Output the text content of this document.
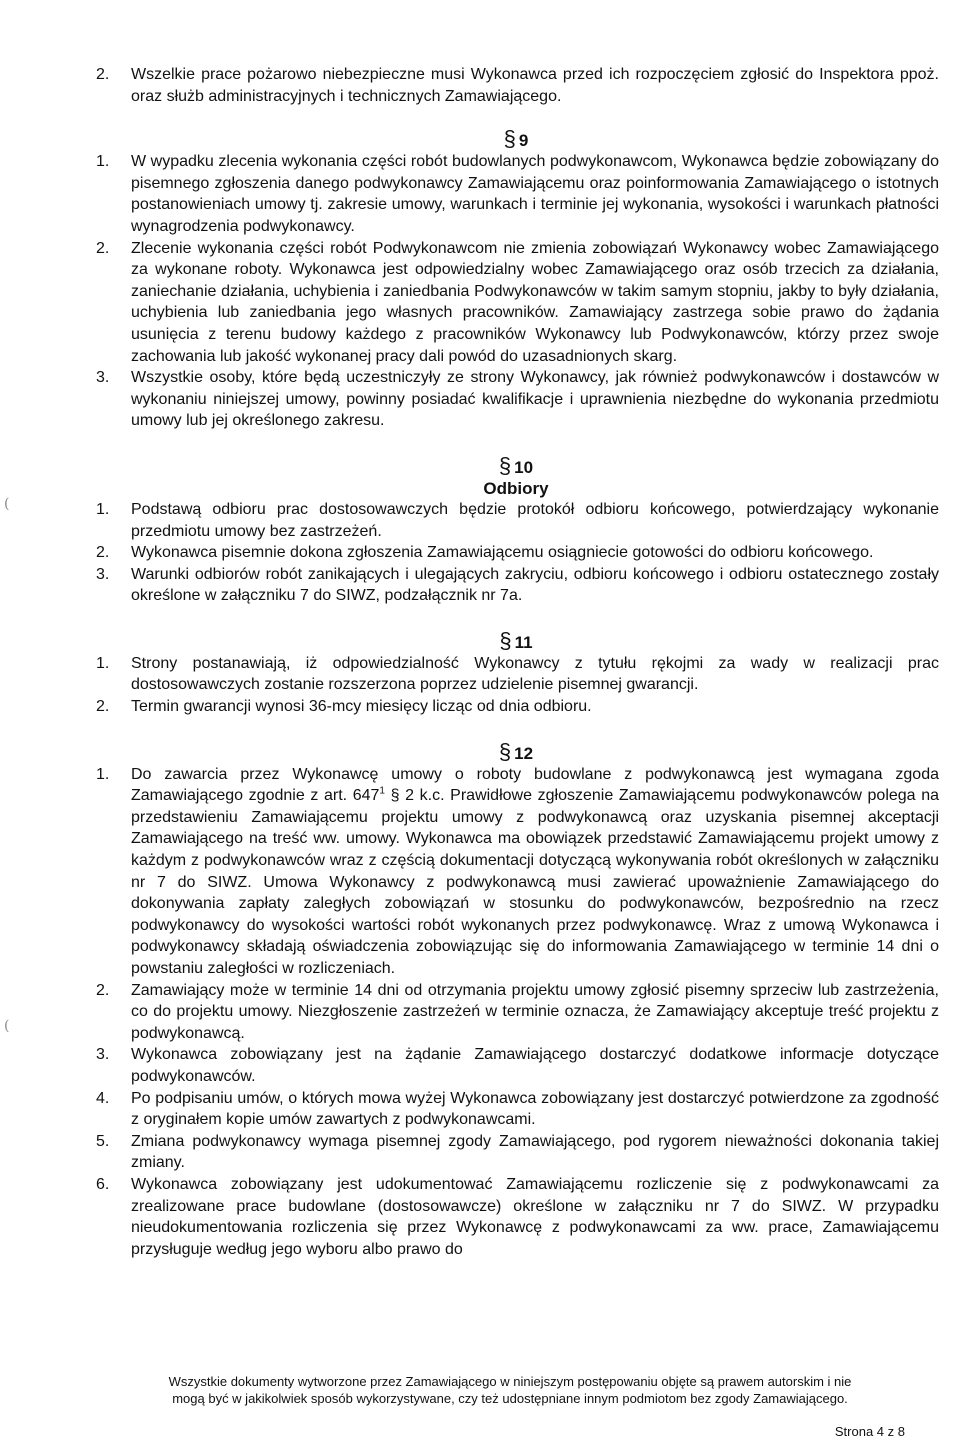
(
(
2. Wszelkie prace pożarowo niebezpieczne musi Wykonawca przed ich rozpoczęciem zgłosić do Inspektora ppoż. oraz służb administracyjnych i technicznych Zamawiającego.
§ 9
1. W wypadku zlecenia wykonania części robót budowlanych podwykonawcom, Wykonawca będzie zobowiązany do pisemnego zgłoszenia danego podwykonawcy Zamawiającemu oraz poinformowania Zamawiającego o istotnych postanowieniach umowy tj. zakresie umowy, warunkach i terminie jej wykonania, wysokości i warunkach płatności wynagrodzenia podwykonawcy.
2. Zlecenie wykonania części robót Podwykonawcom nie zmienia zobowiązań Wykonawcy wobec Zamawiającego za wykonane roboty. Wykonawca jest odpowiedzialny wobec Zamawiającego oraz osób trzecich za działania, zaniechanie działania, uchybienia i zaniedbania Podwykonawców w takim samym stopniu, jakby to były działania, uchybienia lub zaniedbania jego własnych pracowników. Zamawiający zastrzega sobie prawo do żądania usunięcia z terenu budowy każdego z pracowników Wykonawcy lub Podwykonawców, którzy przez swoje zachowania lub jakość wykonanej pracy dali powód do uzasadnionych skarg.
3. Wszystkie osoby, które będą uczestniczyły ze strony Wykonawcy, jak również podwykonawców i dostawców w wykonaniu niniejszej umowy, powinny posiadać kwalifikacje i uprawnienia niezbędne do wykonania przedmiotu umowy lub jej określonego zakresu.
§ 10
Odbiory
1. Podstawą odbioru prac dostosowawczych będzie protokół odbioru końcowego, potwierdzający wykonanie przedmiotu umowy bez zastrzeżeń.
2. Wykonawca pisemnie dokona zgłoszenia Zamawiającemu osiągniecie gotowości do odbioru końcowego.
3. Warunki odbiorów robót zanikających i ulegających zakryciu, odbioru końcowego i odbioru ostatecznego zostały określone w załączniku 7 do SIWZ, podzałącznik nr 7a.
§ 11
1. Strony postanawiają, iż odpowiedzialność Wykonawcy z tytułu rękojmi za wady w realizacji prac dostosowawczych zostanie rozszerzona poprzez udzielenie pisemnej gwarancji.
2. Termin gwarancji wynosi 36-mcy miesięcy licząc od dnia odbioru.
§ 12
1. Do zawarcia przez Wykonawcę umowy o roboty budowlane z podwykonawcą jest wymagana zgoda Zamawiającego zgodnie z art. $647^1$ § 2 k.c. Prawidłowe zgłoszenie Zamawiającemu podwykonawców polega na przedstawieniu Zamawiającemu projektu umowy z podwykonawcą oraz uzyskania pisemnej akceptacji Zamawiającego na treść ww. umowy. Wykonawca ma obowiązek przedstawić Zamawiającemu projekt umowy z każdym z podwykonawców wraz z częścią dokumentacji dotyczącą wykonywania robót określonych w załączniku nr 7 do SIWZ. Umowa Wykonawcy z podwykonawcą musi zawierać upoważnienie Zamawiającego do dokonywania zapłaty zaległych zobowiązań w stosunku do podwykonawców, bezpośrednio na rzecz podwykonawcy do wysokości wartości robót wykonanych przez podwykonawcę. Wraz z umową Wykonawca i podwykonawcy składają oświadczenia zobowiązując się do informowania Zamawiającego w terminie 14 dni o powstaniu zaległości w rozliczeniach.
2. Zamawiający może w terminie 14 dni od otrzymania projektu umowy zgłosić pisemny sprzeciw lub zastrzeżenia, co do projektu umowy. Niezgłoszenie zastrzeżeń w terminie oznacza, że Zamawiający akceptuje treść projektu z podwykonawcą.
3. Wykonawca zobowiązany jest na żądanie Zamawiającego dostarczyć dodatkowe informacje dotyczące podwykonawców.
4. Po podpisaniu umów, o których mowa wyżej Wykonawca zobowiązany jest dostarczyć potwierdzone za zgodność z oryginałem kopie umów zawartych z podwykonawcami.
5. Zmiana podwykonawcy wymaga pisemnej zgody Zamawiającego, pod rygorem nieważności dokonania takiej zmiany.
6. Wykonawca zobowiązany jest udokumentować Zamawiającemu rozliczenie się z podwykonawcami za zrealizowane prace budowlane (dostosowawcze) określone w załączniku nr 7 do SIWZ. W przypadku nieudokumentowania rozliczenia się przez Wykonawcę z podwykonawcami za ww. prace, Zamawiającemu przysługuje według jego wyboru albo prawo do
Wszystkie dokumenty wytworzone przez Zamawiającego w niniejszym postępowaniu objęte są prawem autorskim i nie
mogą być w jakikolwiek sposób wykorzystywane, czy też udostępniane innym podmiotom bez zgody Zamawiającego.
Strona 4 z 8
